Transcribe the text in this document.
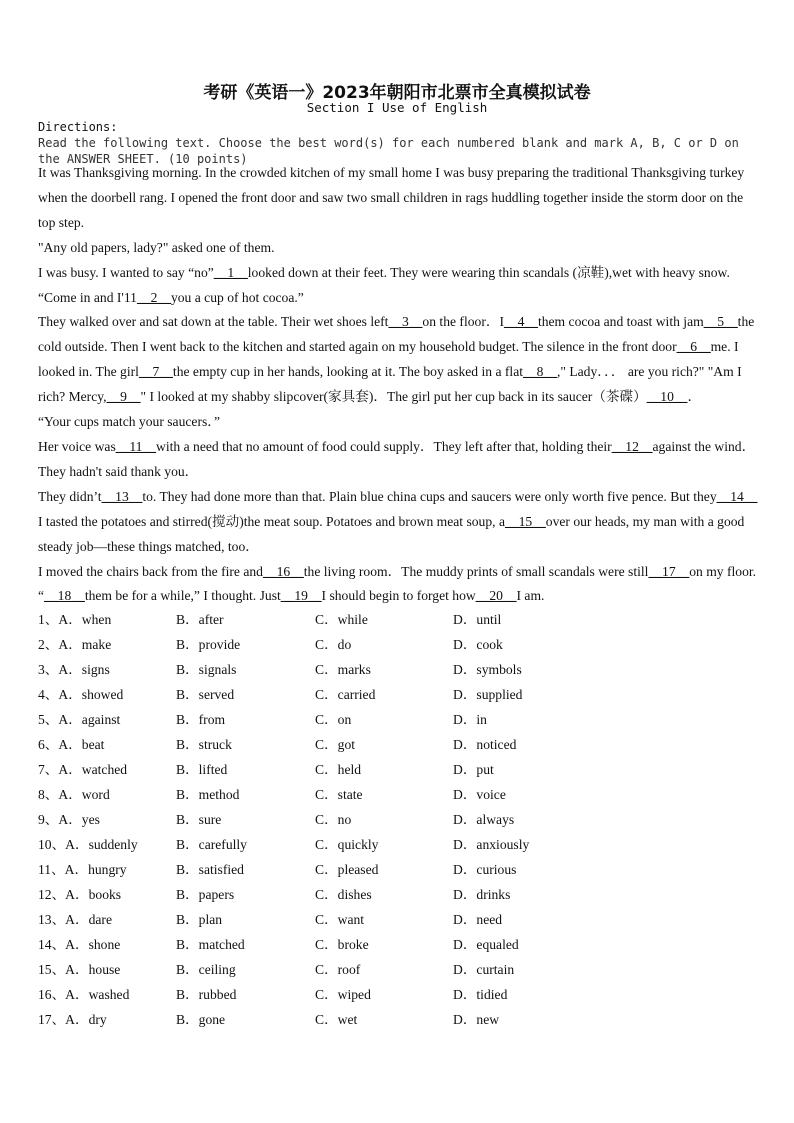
考研《英语一》2023年朝阳市北票市全真模拟试卷
Section I Use of English
Directions:
Read the following text. Choose the best word(s) for each numbered blank and mark A, B, C or D on the ANSWER SHEET. (10 points)

It was Thanksgiving morning. In the crowded kitchen of my small home I was busy preparing the traditional Thanksgiving turkey when the doorbell rang. I opened the front door and saw two small children in rags huddling together inside the storm door on the top step.

"Any old papers, lady?" asked one of them.

I was busy. I wanted to say “no”__1__looked down at their feet. They were wearing thin scandals (凉鞋),wet with heavy snow. “Come in and I'11__2__you a cup of hot cocoa.”

They walked over and sat down at the table. Their wet shoes left__3__on the floor．I__4__them cocoa and toast with jam__5__the cold outside. Then I went back to the kitchen and started again on my household budget. The silence in the front door__6__me. I looked in. The girl__7__the empty cup in her hands, looking at it. The boy asked in a flat__8__," Lady．．． are you rich?" "Am I rich? Mercy,__9__" I looked at my shabby slipcover(家具套)．The girl put her cup back in its saucer（茶碟）__10__．

“Your cups match your saucers．”

Her voice was__11__with a need that no amount of food could supply．They left after that, holding their__12__against the wind．They hadn't said thank you．

They didn’t__13__to. They had done more than that. Plain blue china cups and saucers were only worth five pence. But they__14__ I tasted the potatoes and stirred(搅动)the meat soup. Potatoes and brown meat soup, a__15__over our heads, my man with a good steady job—these things matched, too．

I moved the chairs back from the fire and__16__the living room．The muddy prints of small scandals were still__17__on my floor. “__18__them be for a while,” I thought. Just__19__I should begin to forget how__20__I am.

1、A．when	B．after	C．while	D．until
2、A．make	B．provide	C．do	D．cook
3、A．signs	B．signals	C．marks	D．symbols
4、A．showed	B．served	C．carried	D．supplied
5、A．against	B．from	C．on	D．in
6、A．beat	B．struck	C．got	D．noticed
7、A．watched	B．lifted	C．held	D．put
8、A．word	B．method	C．state	D．voice
9、A．yes	B．sure	C．no	D．always
10、A．suddenly	B．carefully	C．quickly	D．anxiously
11、A．hungry	B．satisfied	C．pleased	D．curious
12、A．books	B．papers	C．dishes	D．drinks
13、A．dare	B．plan	C．want	D．need
14、A．shone	B．matched	C．broke	D．equaled
15、A．house	B．ceiling	C．roof	D．curtain
16、A．washed	B．rubbed	C．wiped	D．tidied
17、A．dry	B．gone	C．wet	D．new
